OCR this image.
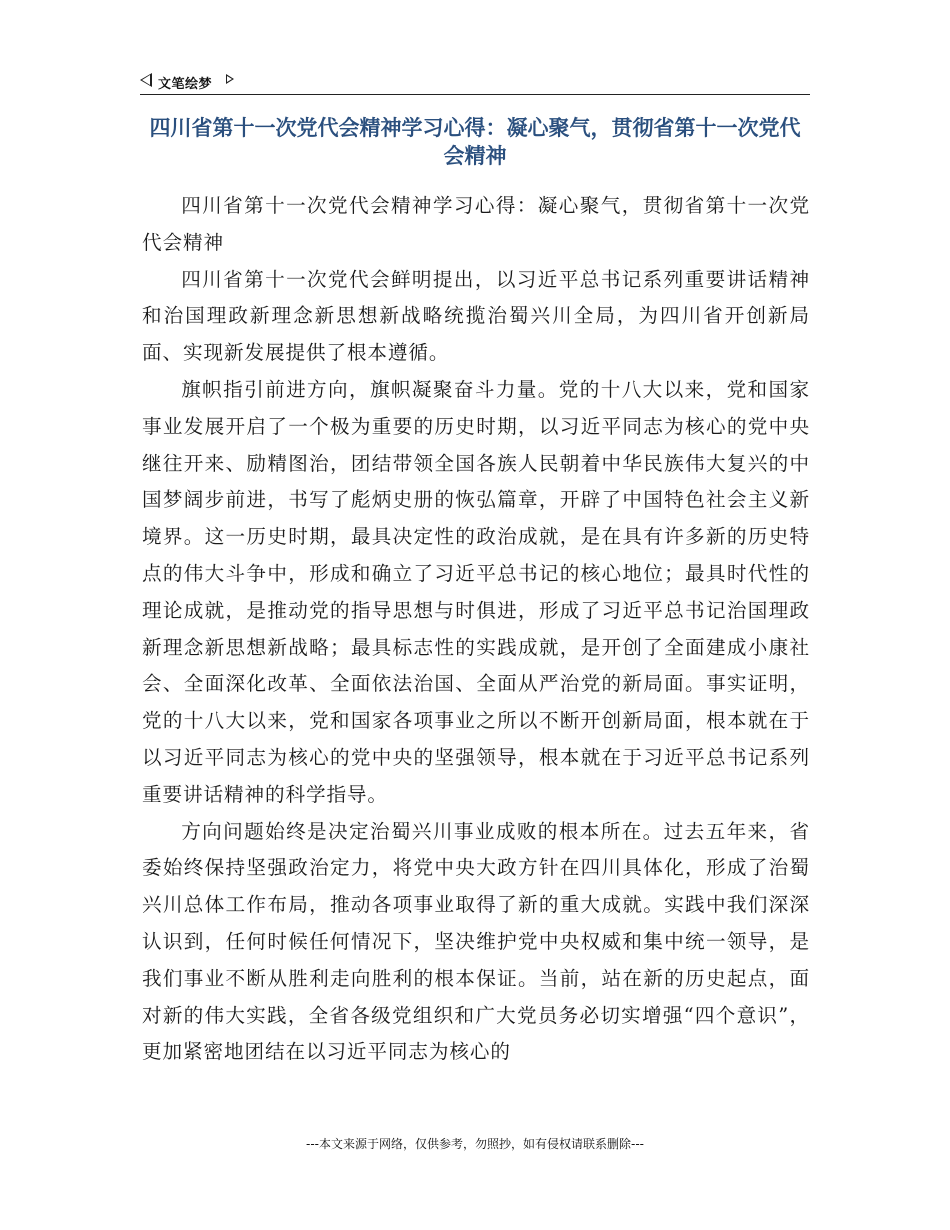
文笔绘梦
四川省第十一次党代会精神学习心得：凝心聚气，贯彻省第十一次党代会精神

四川省第十一次党代会精神学习心得：凝心聚气，贯彻省第十一次党代会精神

四川省第十一次党代会鲜明提出，以习近平总书记系列重要讲话精神和治国理政新理念新思想新战略统揽治蜀兴川全局，为四川省开创新局面、实现新发展提供了根本遵循。

旗帜指引前进方向，旗帜凝聚奋斗力量。党的十八大以来，党和国家事业发展开启了一个极为重要的历史时期，以习近平同志为核心的党中央继往开来、励精图治，团结带领全国各族人民朝着中华民族伟大复兴的中国梦阔步前进，书写了彪炳史册的恢弘篇章，开辟了中国特色社会主义新境界。这一历史时期，最具决定性的政治成就，是在具有许多新的历史特点的伟大斗争中，形成和确立了习近平总书记的核心地位；最具时代性的理论成就，是推动党的指导思想与时俱进，形成了习近平总书记治国理政新理念新思想新战略；最具标志性的实践成就，是开创了全面建成小康社会、全面深化改革、全面依法治国、全面从严治党的新局面。事实证明，党的十八大以来，党和国家各项事业之所以不断开创新局面，根本就在于以习近平同志为核心的党中央的坚强领导，根本就在于习近平总书记系列重要讲话精神的科学指导。

方向问题始终是决定治蜀兴川事业成败的根本所在。过去五年来，省委始终保持坚强政治定力，将党中央大政方针在四川具体化，形成了治蜀兴川总体工作布局，推动各项事业取得了新的重大成就。实践中我们深深认识到，任何时候任何情况下，坚决维护党中央权威和集中统一领导，是我们事业不断从胜利走向胜利的根本保证。当前，站在新的历史起点，面对新的伟大实践，全省各级党组织和广大党员务必切实增强“四个意识”，更加紧密地团结在以习近平同志为核心的

---本文来源于网络，仅供参考，勿照抄，如有侵权请联系删除---
